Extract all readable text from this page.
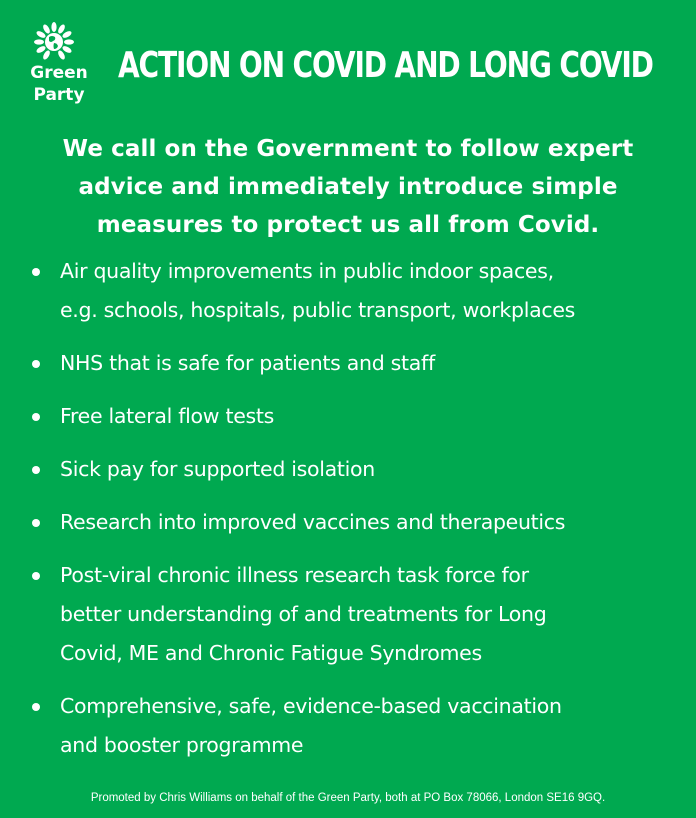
Green
Party
ACTION ON COVID AND LONG COVID
We call on the Government to follow expert
advice and immediately introduce simple
measures to protect us all from Covid.
Air quality improvements in public indoor spaces,
e.g. schools, hospitals, public transport, workplaces
NHS that is safe for patients and staff
Free lateral flow tests
Sick pay for supported isolation
Research into improved vaccines and therapeutics
Post-viral chronic illness research task force for
better understanding of and treatments for Long
Covid, ME and Chronic Fatigue Syndromes
Comprehensive, safe, evidence-based vaccination
and booster programme
Promoted by Chris Williams on behalf of the Green Party, both at PO Box 78066, London SE16 9GQ.
